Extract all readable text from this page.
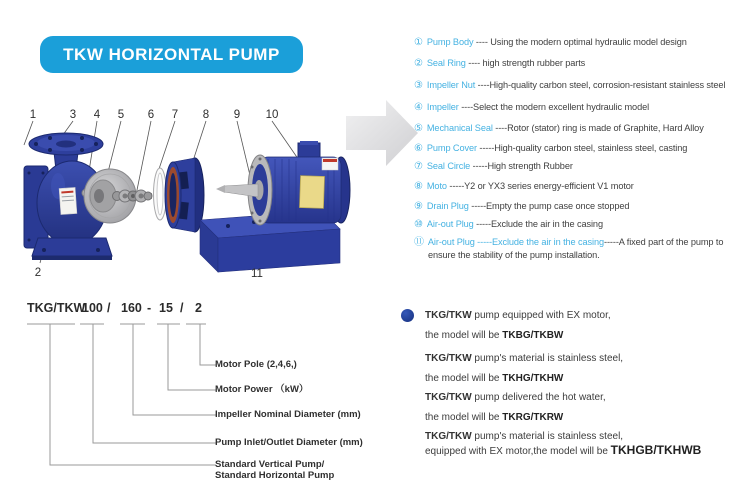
TKW HORIZONTAL PUMP
1	3 4 5 6 7 8 9 10
2	11
① Pump Body ---- Using the modern optimal hydraulic model design
② Seal Ring ---- high strength rubber parts
③ Impeller Nut ----High-quality carbon steel, corrosion-resistant stainless steel
④ Impeller ----Select the modern excellent hydraulic model
⑤ Mechanical Seal ----Rotor (stator) ring is made of Graphite, Hard Alloy
⑥ Pump Cover -----High-quality carbon steel, stainless steel, casting
⑦ Seal Circle -----High strength Rubber
⑧ Moto -----Y2 or YX3 series energy-efficient V1 motor
⑨ Drain Plug -----Empty the pump case once stopped
⑩ Air-out Plug -----Exclude the air in the casing
⑪ Air-out Plug -----Exclude the air in the casing-----A fixed part of the pump to
ensure the stability of the pump installation.
TKG/TKW
100 / 160 - 15 / 2
Motor Pole (2,4,6,)
Motor Power （kW）
Impeller Nominal Diameter (mm)
Pump Inlet/Outlet Diameter (mm)
Standard Vertical Pump/
Standard Horizontal Pump
TKG/TKW pump equipped with EX motor,
the model will be TKBG/TKBW
TKG/TKW pump's material is stainless steel,
the model will be TKHG/TKHW
TKG/TKW pump delivered the hot water,
the model will be TKRG/TKRW
TKG/TKW pump's material is stainless steel,
equipped with EX motor,the model will be TKHGB/TKHWB
